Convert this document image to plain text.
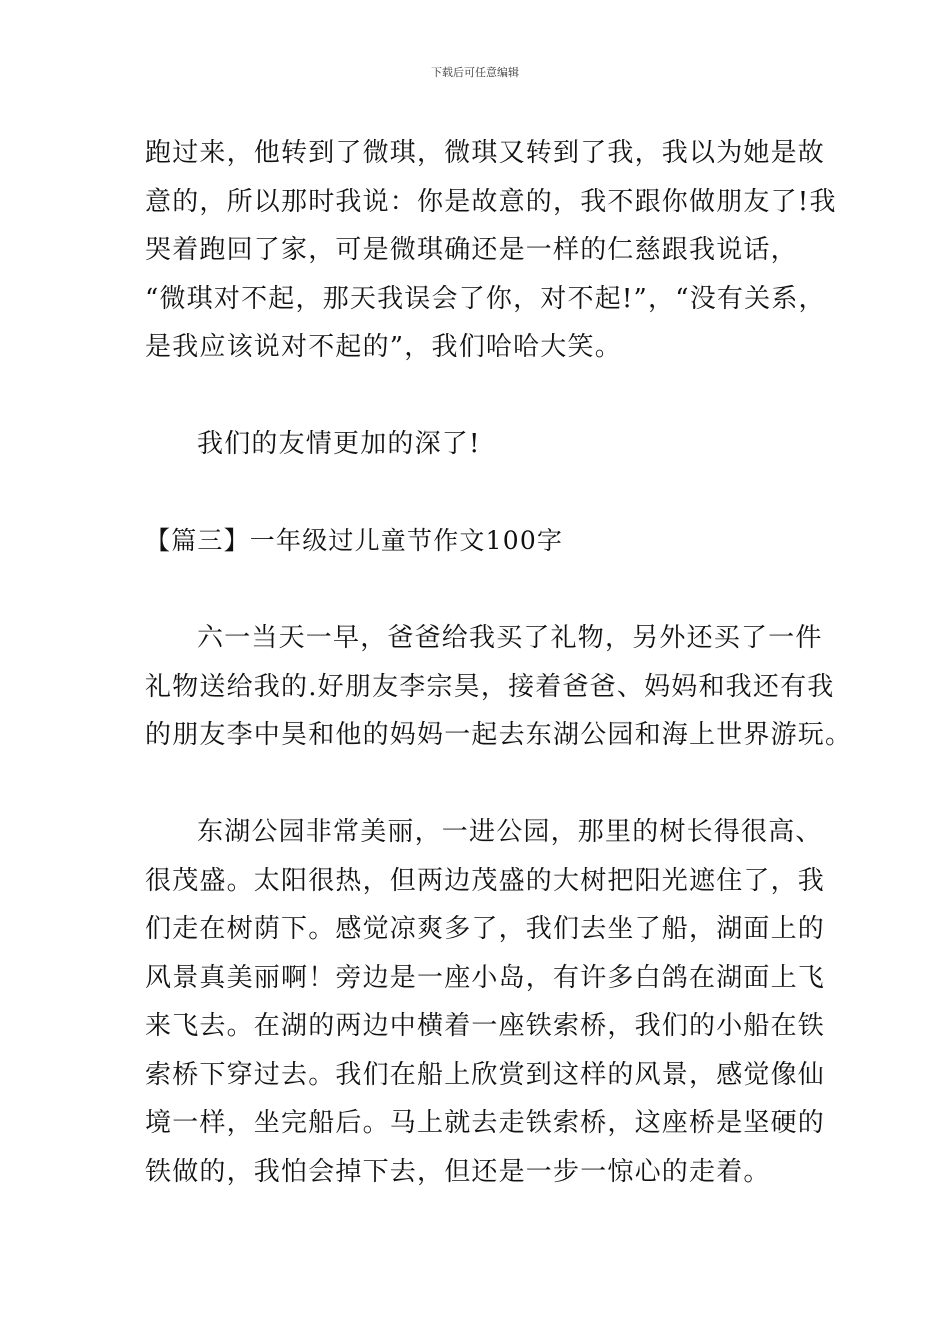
下载后可任意编辑
跑过来，他转到了微琪，微琪又转到了我，我以为她是故
意的，所以那时我说：你是故意的，我不跟你做朋友了!我
哭着跑回了家，可是微琪确还是一样的仁慈跟我说话，
“微琪对不起，那天我误会了你，对不起!”，“没有关系，
是我应该说对不起的”，我们哈哈大笑。
我们的友情更加的深了!
【篇三】一年级过儿童节作文100字
六一当天一早，爸爸给我买了礼物，另外还买了一件
礼物送给我的.好朋友李宗昊，接着爸爸、妈妈和我还有我
的朋友李中昊和他的妈妈一起去东湖公园和海上世界游玩。
东湖公园非常美丽，一进公园，那里的树长得很高、
很茂盛。太阳很热，但两边茂盛的大树把阳光遮住了，我
们走在树荫下。感觉凉爽多了，我们去坐了船，湖面上的
风景真美丽啊！旁边是一座小岛，有许多白鸽在湖面上飞
来飞去。在湖的两边中横着一座铁索桥，我们的小船在铁
索桥下穿过去。我们在船上欣赏到这样的风景，感觉像仙
境一样，坐完船后。马上就去走铁索桥，这座桥是坚硬的
铁做的，我怕会掉下去，但还是一步一惊心的走着。
